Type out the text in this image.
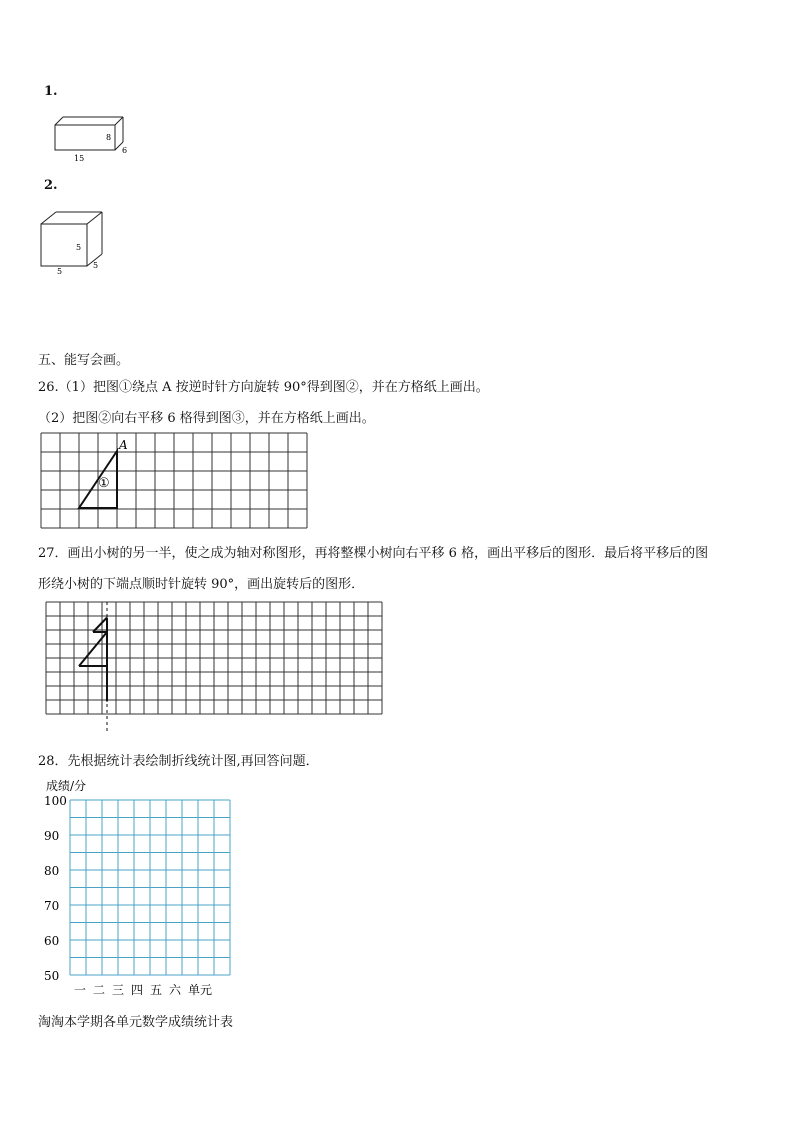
1.
8
15
6
2.
5
5
5
五、能写会画。
26.（1）把图①绕点 A 按逆时针方向旋转 90°得到图②，并在方格纸上画出。
（2）把图②向右平移 6 格得到图③，并在方格纸上画出。
A
①
27．画出小树的另一半，使之成为轴对称图形，再将整棵小树向右平移 6 格，画出平移后的图形．最后将平移后的图
形绕小树的下端点顺时针旋转 90°，画出旋转后的图形．
28．先根据统计表绘制折线统计图,再回答问题．
成绩/分
100
90
80
70
60
50
一 二 三 四 五 六 单元
淘淘本学期各单元数学成绩统计表
